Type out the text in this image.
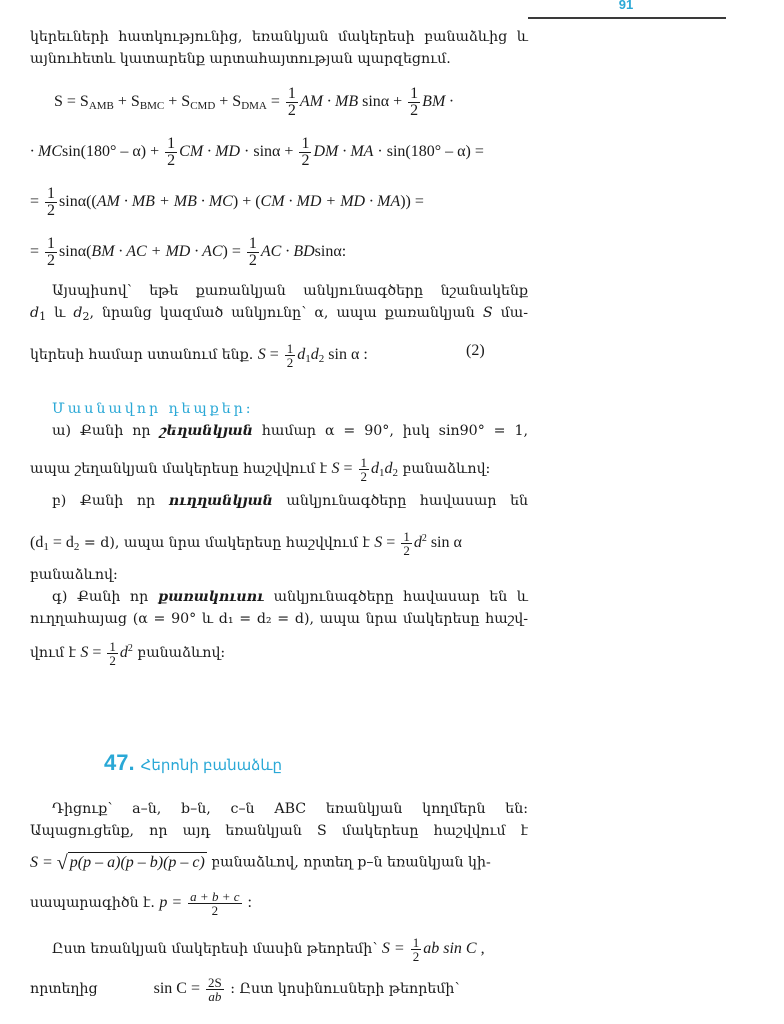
91
կերեւների հատկությունից, եռանկյան մակերեսի բանաձևից և
այնուհետև կատարենք արտահայտության պարզեցում.
$S = S_{AMB} + S_{BMC} + S_{CMD} + S_{DMA} = \frac{1}{2}$ AM · MB $\sin\alpha + \frac{1}{2}$ BM ·
· $MCsin(180^\circ - \alpha) + \frac{1}{2}$ CM · MD · $\sin\alpha + \frac{1}{2}$ DM · MA · sin(180° – α) =
= $\frac{1}{2} \sin\alpha((AM$ · MB + MB · MC) + (CM · MD + MD · MA)) =
= $\frac{1}{2} \sin\alpha(BM$ · AC + MD · $AC) = \frac{1}{2}$ AC · BDsinα:
Այսպիսով՝ եթե քառանկյան անկյունագծերը նշանակենք
$d_1$ և $d_2$, նրանց կազմած անկյունը՝ α, ապա քառանկյան S մա-
կերեսի համար ստանում ենք. $S = \frac{1}{2} d_1d_2$ sin α :	(2)
Մասնավոր դեպքեր:
ա) Քանի որ շեղանկյան համար α = 90°, իսկ sin90° = 1,
ապա շեղանկյան մակերեսը հաշվվում է $S = \frac{1}{2} d_1d_2$ բանաձևով:
բ) Քանի որ ուղղանկյան անկյունագծերը հավասար են
$(d_1 = d_2 = d)$, ապա նրա մակերեսը հաշվվում է $S = \frac{1}{2} d^2$ sin α
բանաձևով:
գ) Քանի որ քառակուսու անկյունագծերը հավասար են և
ուղղահայաց (α = 90° և d₁ = d₂ = d), ապա նրա մակերեսը հաշվ-
վում է $S = \frac{1}{2} d^2$ բանաձևով:
47. Հերոնի բանաձևը
Դիցուք՝ a–ն, b–ն, c–ն ABC եռանկյան կողմերն են:
Ապացուցենք, որ այդ եռանկյան S մակերեսը հաշվվում է
S = √ p(p – a)(p – b)(p – c) բանաձևով, որտեղ p–ն եռանկյան կի-
սապարագիծն է. $p = \frac{a + b + c}{2}$ :
Ըստ եռանկյան մակերեսի մասին թեորեմի՝ $S = \frac{1}{2}$ ab sin C ,
որտեղից	$\sin C = \frac{2S}{ab}$ : Ըստ կոսինուսների թեորեմի՝
